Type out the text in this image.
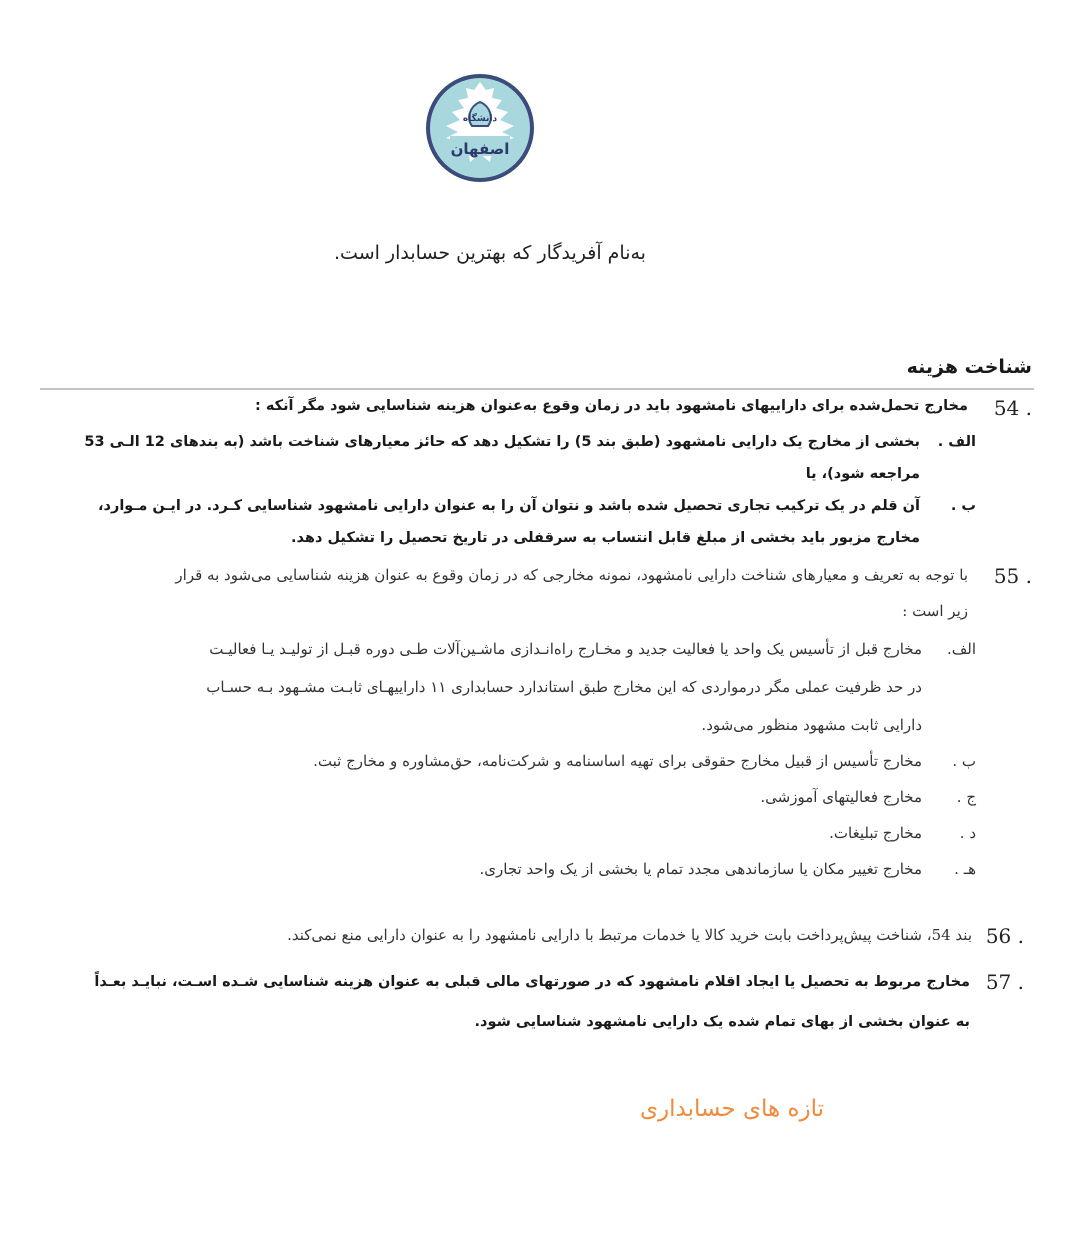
داﻧﺸﮕﺎه
اصفهان
به‌نام آفریدگار که بهترین حسابدار است.
شناخت هزینه
54 .
مخارج تحمل‌شده برای داراییهای نامشهود باید در زمان وقوع به‌عنوان هزینه شناسایی شود مگر آنکه :
الف .
بخشی از مخارج یک دارایی نامشهود (طبق بند 5) را تشکیل دهد که حائز معیارهای شناخت باشد (به بندهای 12 الـی 53
مراجعه شود)، یا
ب .
آن قلم در یک ترکیب تجاری تحصیل شده باشد و نتوان آن را به عنوان دارایی نامشهود شناسایی کـرد. در ایـن مـوارد،
مخارج مزبور باید بخشی از مبلغ قابل انتساب به سرقفلی در تاریخ تحصیل را تشکیل دهد.
55 .
با توجه به تعریف و معیارهای شناخت دارایی نامشهود، نمونه مخارجی که در زمان وقوع به عنوان هزینه شناسایی می‌شود به قرار
زیر است :
الف.
مخارج قبل از تأسیس یک واحد یا فعالیت جدید و مخـارج راه‌انـدازی ماشـین‌آلات طـی دوره قبـل از تولیـد یـا فعالیـت
در حد ظرفیت عملی مگر درمواردی که این مخارج طبق استاندارد حسابداری ۱۱ داراییهـای ثابـت مشـهود بـه حسـاب
دارایی ثابت مشهود منظور می‌شود.
ب .
مخارج تأسیس از قبیل مخارج حقوقی برای تهیه اساسنامه و شرکت‌نامه، حق‌مشاوره و مخارج ثبت.
ج .
مخارج فعالیتهای آموزشی.
د .
مخارج تبلیغات.
هـ .
مخارج تغییر مکان یا سازماندهی مجدد تمام یا بخشی از یک واحد تجاری.
56 .
بند 54، شناخت پیش‌پرداخت بابت خرید کالا یا خدمات مرتبط با دارایی نامشهود را به عنوان دارایی منع نمی‌کند.
57 .
مخارج مربوط به تحصیل یا ایجاد اقلام نامشهود که در صورتهای مالی قبلی به عنوان هزینه شناسایی شـده اسـت، نبایـد بعـداً
به عنوان بخشی از بهای تمام شده یک دارایی نامشهود شناسایی شود.
تازه های حسابداری
